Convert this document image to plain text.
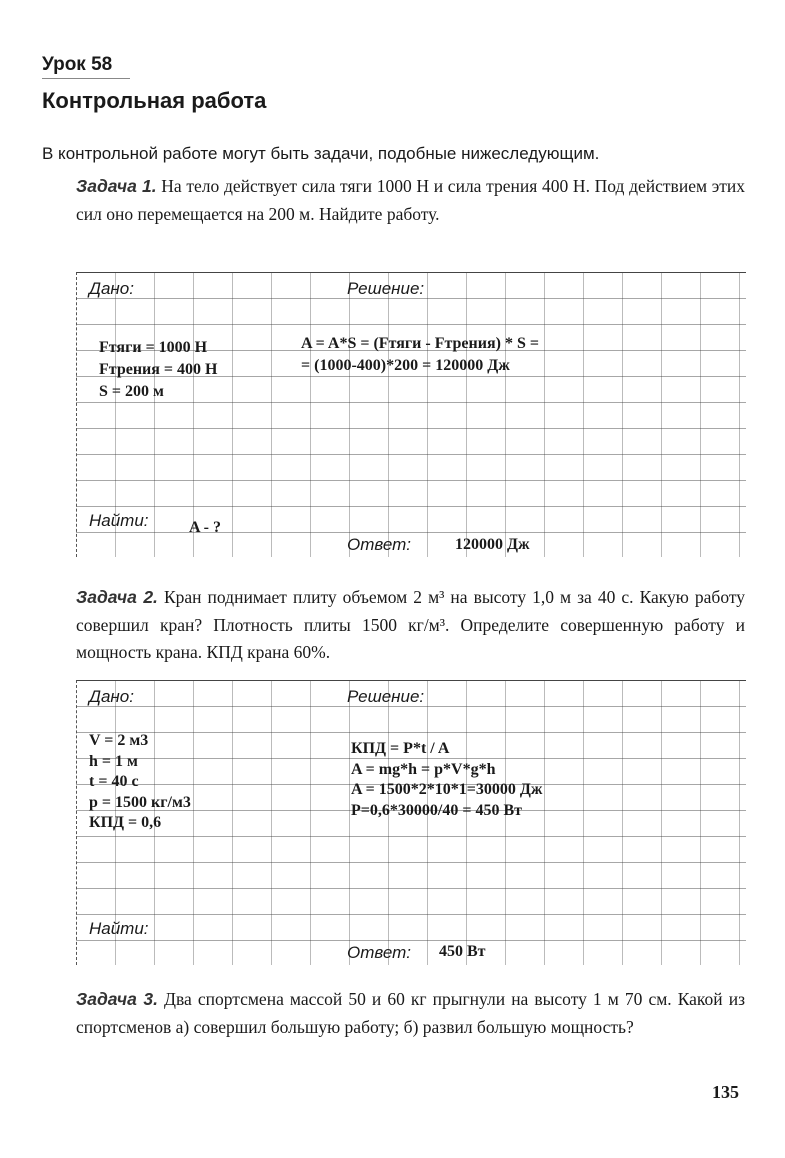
Урок 58
Контрольная работа
В контрольной работе могут быть задачи, подобные нижеследующим.
Задача 1. На тело действует сила тяги 1000 Н и сила трения 400 Н. Под действием этих сил оно перемещается на 200 м. Найдите работу.
Дано:	Решение:
Fтяги = 1000 Н
Fтрения = 400 Н
S = 200 м
A = A*S = (Fтяги - Fтрения) * S =
= (1000-400)*200 = 120000 Дж
Найти:	A - ?
Ответ:	120000 Дж
Задача 2. Кран поднимает плиту объемом 2 м³ на высоту 1,0 м за 40 с. Какую работу совершил кран? Плотность плиты 1500 кг/м³. Определите совершенную работу и мощность крана. КПД крана 60%.
Дано:	Решение:
V = 2 м3
h = 1 м
t = 40 с
p = 1500 кг/м3
КПД = 0,6
КПД = P*t / A
A = mg*h = p*V*g*h
A = 1500*2*10*1=30000 Дж
P=0,6*30000/40 = 450 Вт
Найти:
Ответ: 450 Вт
Задача 3. Два спортсмена массой 50 и 60 кг прыгнули на высоту 1 м 70 см. Какой из спортсменов а) совершил большую работу; б) развил большую мощность?
135
